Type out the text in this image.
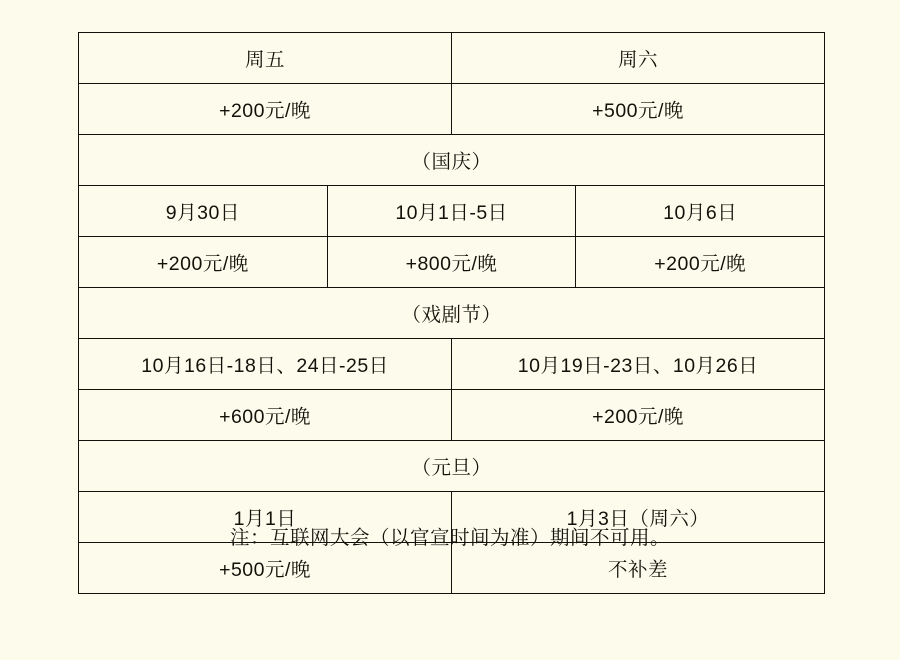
周五		周六	
+200元/晚		+500元/晚	
（国庆）			
9月30日	10月1日-5日		10月6日
+200元/晚	+800元/晚		+200元/晚
（戏剧节）			
10月16日-18日、24日-25日		10月19日-23日、10月26日	
+600元/晚		+200元/晚	
（元旦）			
1月1日		1月3日（周六）	
+500元/晚		不补差	
注：互联网大会（以官宣时间为准）期间不可用。
